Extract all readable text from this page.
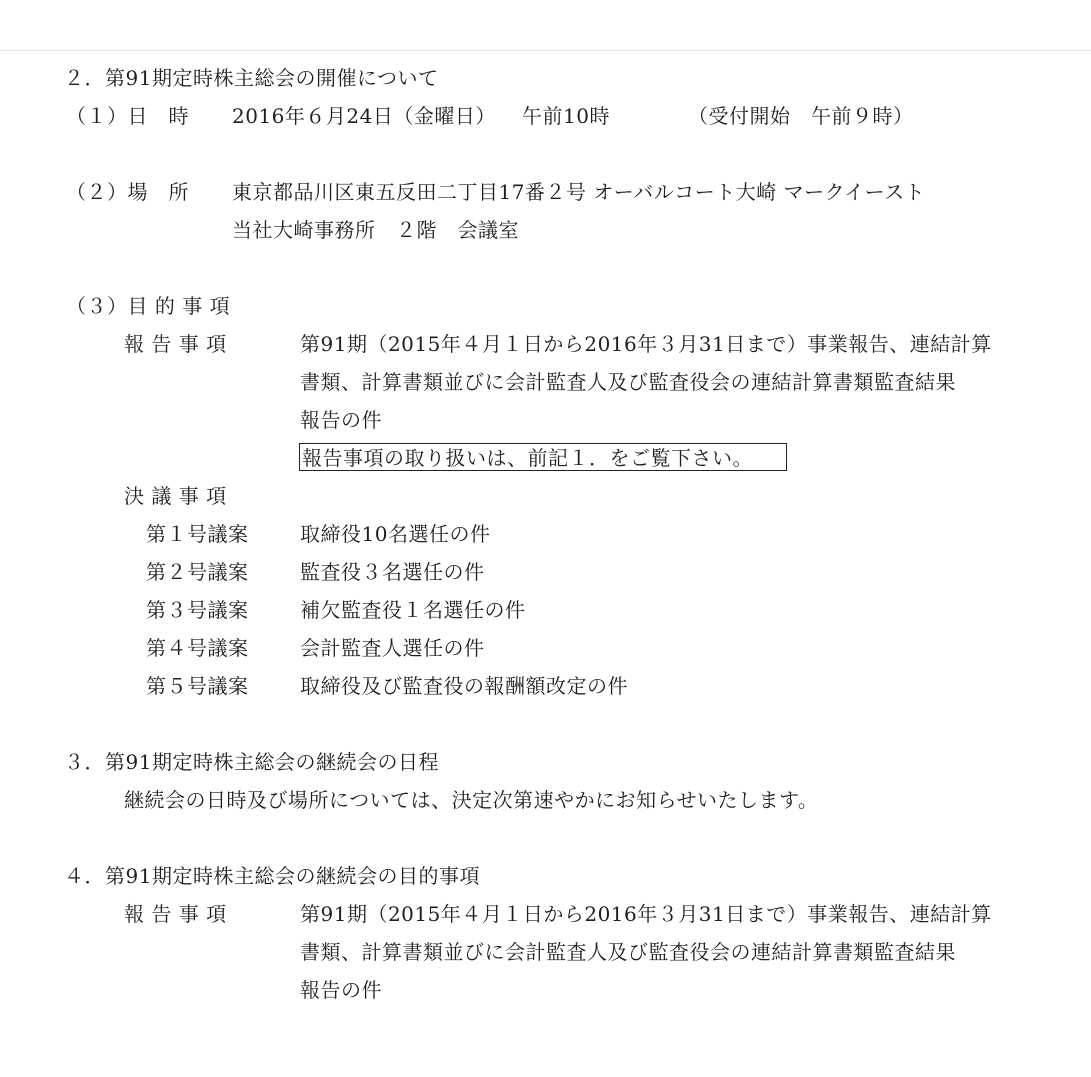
２．第91期定時株主総会の開催について
（１）日　時 2016年６月24日（金曜日） 午前10時	（受付開始　午前９時）
（２）場　所 東京都品川区東五反田二丁目17番２号 オーバルコート大崎 マークイースト
当社大崎事務所　２階　会議室
（３）目 的 事 項
報 告 事 項	第91期（2015年４月１日から2016年３月31日まで）事業報告、連結計算
書類、計算書類並びに会計監査人及び監査役会の連結計算書類監査結果
報告の件
報告事項の取り扱いは、前記１．をご覧下さい。
決 議 事 項
第１号議案	取締役10名選任の件
第２号議案	監査役３名選任の件
第３号議案	補欠監査役１名選任の件
第４号議案	会計監査人選任の件
第５号議案	取締役及び監査役の報酬額改定の件
３．第91期定時株主総会の継続会の日程
継続会の日時及び場所については、決定次第速やかにお知らせいたします。
４．第91期定時株主総会の継続会の目的事項
報 告 事 項	第91期（2015年４月１日から2016年３月31日まで）事業報告、連結計算
書類、計算書類並びに会計監査人及び監査役会の連結計算書類監査結果
報告の件
